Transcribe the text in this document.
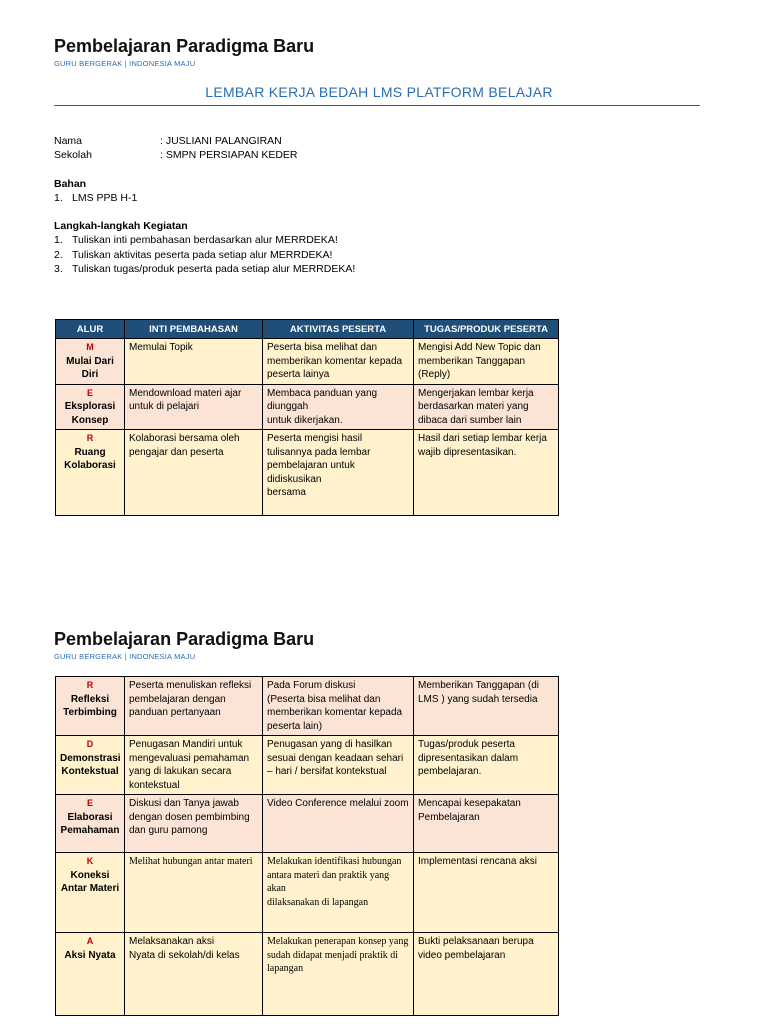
Pembelajaran Paradigma Baru
GURU BERGERAK | INDONESIA MAJU
LEMBAR KERJA BEDAH LMS PLATFORM BELAJAR
Nama	: JUSLIANI PALANGIRAN
Sekolah	: SMPN PERSIAPAN KEDER
Bahan
1. LMS PPB H-1
Langkah-langkah Kegiatan
1. Tuliskan inti pembahasan berdasarkan alur MERRDEKA!
2. Tuliskan aktivitas peserta pada setiap alur MERRDEKA!
3. Tuliskan tugas/produk peserta pada setiap alur MERRDEKA!
ALUR	INTI PEMBAHASAN	AKTIVITAS PESERTA	TUGAS/PRODUK PESERTA

M
Mulai Dari Diri	Memulai Topik	Peserta bisa melihat dan memberikan komentar kepada peserta lainya	Mengisi Add New Topic dan memberikan Tanggapan (Reply)

E
Eksplorasi Konsep	Mendownload materi ajar untuk di pelajari	Membaca panduan yang diunggah
untuk dikerjakan.	Mengerjakan lembar kerja berdasarkan materi yang dibaca dari sumber lain

R
Ruang Kolaborasi	Kolaborasi bersama oleh pengajar dan peserta	Peserta mengisi hasil tulisannya pada lembar pembelajaran untuk didiskusikan
bersama	Hasil dari setiap lembar kerja
wajib dipresentasikan.
Pembelajaran Paradigma Baru
GURU BERGERAK | INDONESIA MAJU
R
Refleksi Terbimbing	Peserta menuliskan refleksi pembelajaran dengan panduan pertanyaan	Pada Forum diskusi
(Peserta bisa melihat dan memberikan komentar kepada peserta lain)	Memberikan Tanggapan (di LMS ) yang sudah tersedia

D
Demonstrasi Kontekstual	Penugasan Mandiri untuk mengevaluasi pemahaman yang di lakukan secara kontekstual	Penugasan yang di hasilkan sesuai dengan keadaan sehari – hari / bersifat kontekstual	Tugas/produk peserta dipresentasikan dalam pembelajaran.

E
Elaborasi Pemahaman	Diskusi dan Tanya jawab dengan dosen pembimbing dan guru pamong	Video Conference melalui zoom	Mencapai kesepakatan Pembelajaran

K
Koneksi Antar Materi	Melihat hubungan antar materi	Melakukan identifikasi hubungan
antara materi dan praktik yang akan
dilaksanakan di lapangan	Implementasi rencana aksi

A
Aksi Nyata	Melaksanakan aksi
Nyata di sekolah/di kelas	Melakukan penerapan konsep yang
sudah didapat menjadi praktik di
lapangan	Bukti pelaksanaan berupa video pembelajaran
